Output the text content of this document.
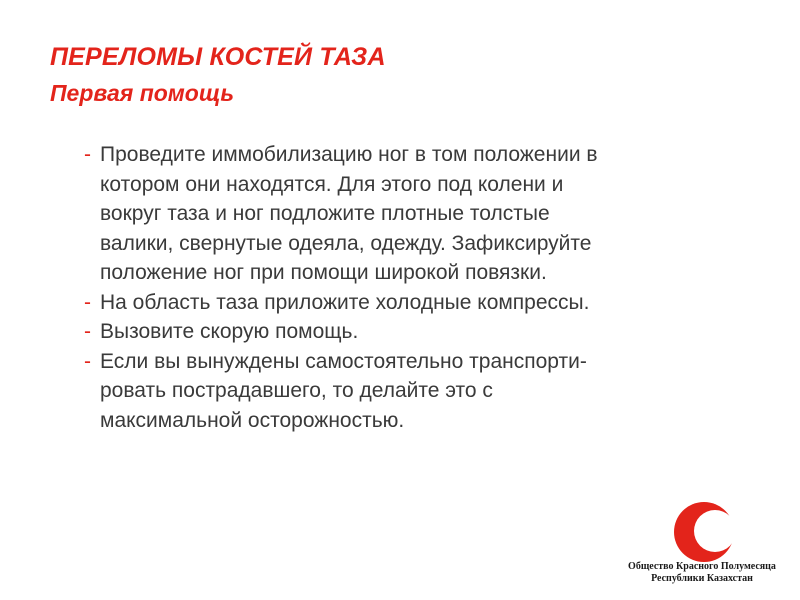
ПЕРЕЛОМЫ КОСТЕЙ ТАЗА
Первая помощь
- Проведите иммобилизацию ног в том положении в
котором они находятся. Для этого под колени и
вокруг таза и ног подложите плотные толстые
валики, свернутые одеяла, одежду. Зафиксируйте
положение ног при помощи широкой повязки.
- На область таза приложите холодные компрессы.
- Вызовите скорую помощь.
- Если вы вынуждены самостоятельно транспорти-
ровать пострадавшего, то делайте это с
максимальной осторожностью.
Общество Красного Полумесяца
Республики Казахстан
